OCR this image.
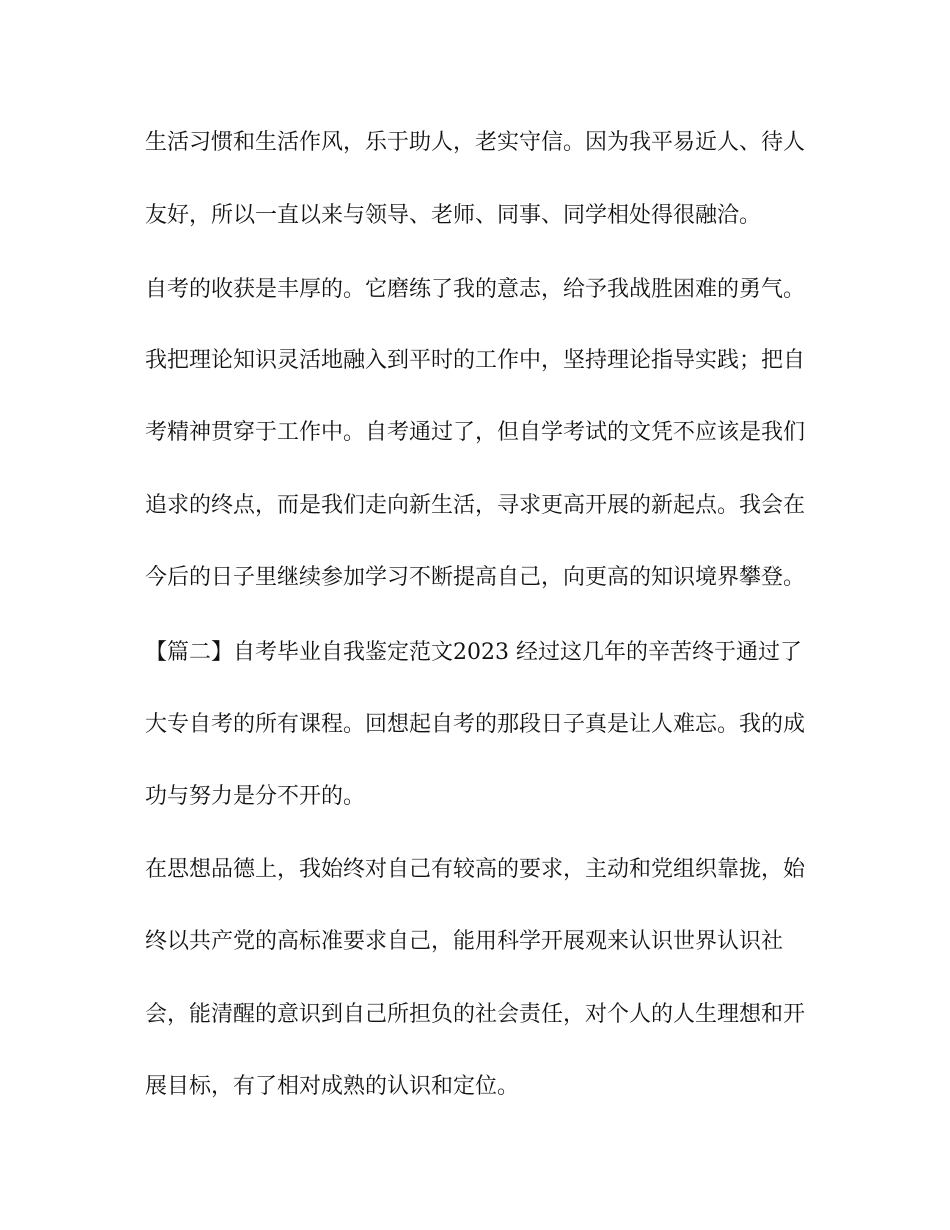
生活习惯和生活作风，乐于助人，老实守信。因为我平易近人、待人
友好，所以一直以来与领导、老师、同事、同学相处得很融洽。
自考的收获是丰厚的。它磨练了我的意志，给予我战胜困难的勇气。
我把理论知识灵活地融入到平时的工作中，坚持理论指导实践；把自
考精神贯穿于工作中。自考通过了，但自学考试的文凭不应该是我们
追求的终点，而是我们走向新生活，寻求更高开展的新起点。我会在
今后的日子里继续参加学习不断提高自己，向更高的知识境界攀登。
【篇二】自考毕业自我鉴定范文2023 经过这几年的辛苦终于通过了
大专自考的所有课程。回想起自考的那段日子真是让人难忘。我的成
功与努力是分不开的。
在思想品德上，我始终对自己有较高的要求，主动和党组织靠拢，始
终以共产党的高标准要求自己，能用科学开展观来认识世界认识社
会，能清醒的意识到自己所担负的社会责任，对个人的人生理想和开
展目标，有了相对成熟的认识和定位。
